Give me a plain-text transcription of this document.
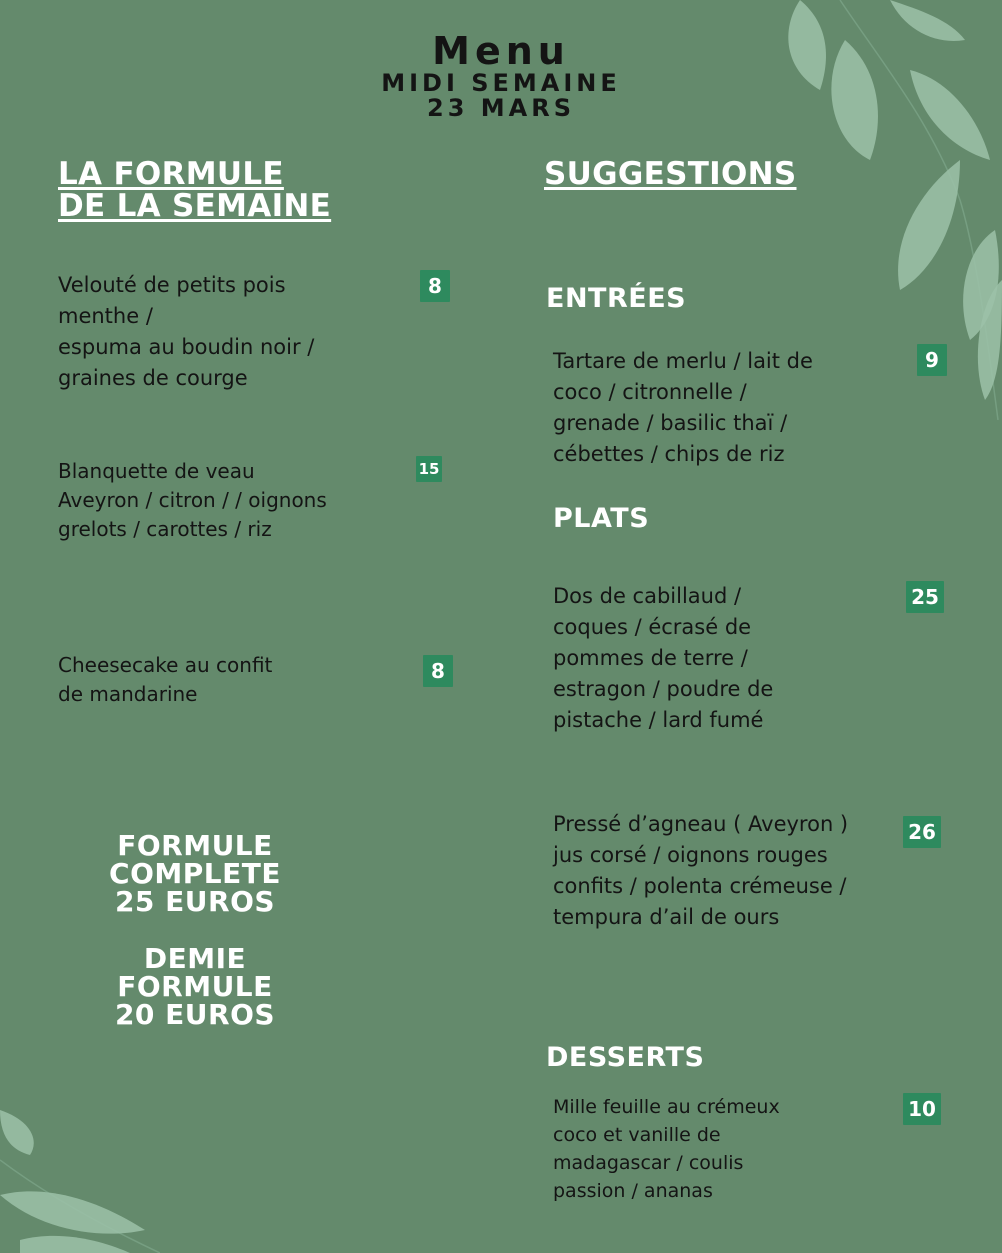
Menu
MIDI SEMAINE
23 MARS
LA FORMULE
DE LA SEMAINE
Velouté de petits pois
menthe /
espuma au boudin noir /
graines de courge
8
Blanquette de veau
Aveyron / citron / / oignons
grelots / carottes / riz
15
Cheesecake au confit
de mandarine
8
FORMULE
COMPLETE
25 EUROS
DEMIE
FORMULE
20 EUROS
SUGGESTIONS
ENTRÉES
Tartare de merlu / lait de
coco / citronnelle /
grenade / basilic thaï /
cébettes / chips de riz
9
PLATS
Dos de cabillaud /
coques / écrasé de
pommes de terre /
estragon / poudre de
pistache / lard fumé
25
Pressé d’agneau ( Aveyron )
jus corsé / oignons rouges
confits / polenta crémeuse /
tempura d’ail de ours
26
DESSERTS
Mille feuille au crémeux
coco et vanille de
madagascar / coulis
passion / ananas
10
